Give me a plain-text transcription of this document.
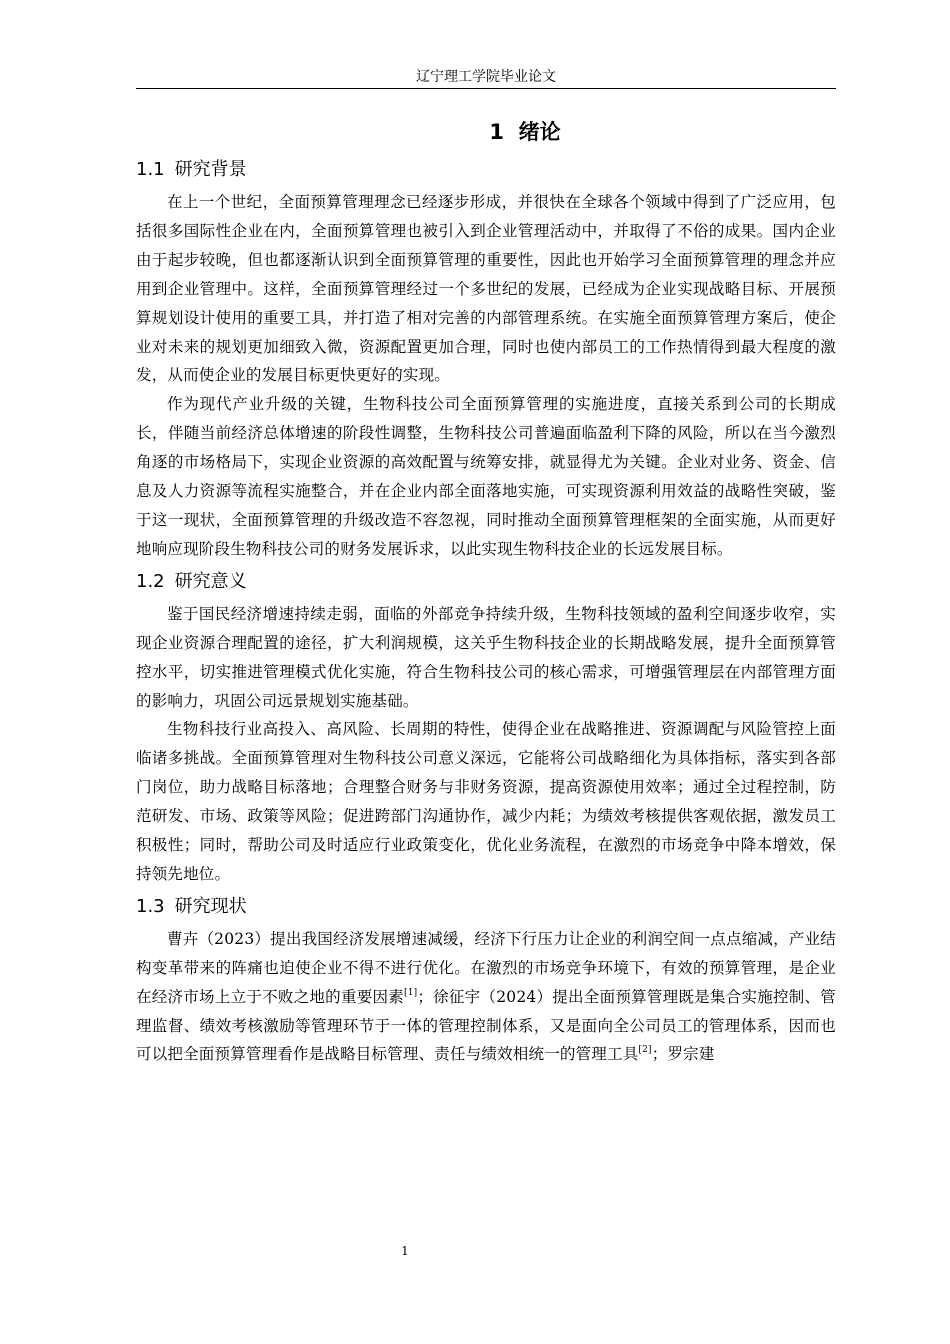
辽宁理工学院毕业论文
1 绪论
1.1 研究背景

在上一个世纪，全面预算管理理念已经逐步形成，并很快在全球各个领域中得到了广泛应用，包括很多国际性企业在内，全面预算管理也被引入到企业管理活动中，并取得了不俗的成果。国内企业由于起步较晚，但也都逐渐认识到全面预算管理的重要性，因此也开始学习全面预算管理的理念并应用到企业管理中。这样，全面预算管理经过一个多世纪的发展，已经成为企业实现战略目标、开展预算规划设计使用的重要工具，并打造了相对完善的内部管理系统。在实施全面预算管理方案后，使企业对未来的规划更加细致入微，资源配置更加合理，同时也使内部员工的工作热情得到最大程度的激发，从而使企业的发展目标更快更好的实现。

作为现代产业升级的关键，生物科技公司全面预算管理的实施进度，直接关系到公司的长期成长，伴随当前经济总体增速的阶段性调整，生物科技公司普遍面临盈利下降的风险，所以在当今激烈角逐的市场格局下，实现企业资源的高效配置与统筹安排，就显得尤为关键。企业对业务、资金、信息及人力资源等流程实施整合，并在企业内部全面落地实施，可实现资源利用效益的战略性突破，鉴于这一现状，全面预算管理的升级改造不容忽视，同时推动全面预算管理框架的全面实施，从而更好地响应现阶段生物科技公司的财务发展诉求，以此实现生物科技企业的长远发展目标。

1.2 研究意义

鉴于国民经济增速持续走弱，面临的外部竞争持续升级，生物科技领域的盈利空间逐步收窄，实现企业资源合理配置的途径，扩大利润规模，这关乎生物科技企业的长期战略发展，提升全面预算管控水平，切实推进管理模式优化实施，符合生物科技公司的核心需求，可增强管理层在内部管理方面的影响力，巩固公司远景规划实施基础。

生物科技行业高投入、高风险、长周期的特性，使得企业在战略推进、资源调配与风险管控上面临诸多挑战。全面预算管理对生物科技公司意义深远，它能将公司战略细化为具体指标，落实到各部门岗位，助力战略目标落地；合理整合财务与非财务资源，提高资源使用效率；通过全过程控制，防范研发、市场、政策等风险；促进跨部门沟通协作，减少内耗；为绩效考核提供客观依据，激发员工积极性；同时，帮助公司及时适应行业政策变化，优化业务流程，在激烈的市场竞争中降本增效，保持领先地位。

1.3 研究现状

曹卉（2023）提出我国经济发展增速减缓，经济下行压力让企业的利润空间一点点缩减，产业结构变革带来的阵痛也迫使企业不得不进行优化。在激烈的市场竞争环境下，有效的预算管理，是企业在经济市场上立于不败之地的重要因素[1]；徐征宇（2024）提出全面预算管理既是集合实施控制、管理监督、绩效考核激励等管理环节于一体的管理控制体系，又是面向全公司员工的管理体系，因而也可以把全面预算管理看作是战略目标管理、责任与绩效相统一的管理工具[2]；罗宗建

1
